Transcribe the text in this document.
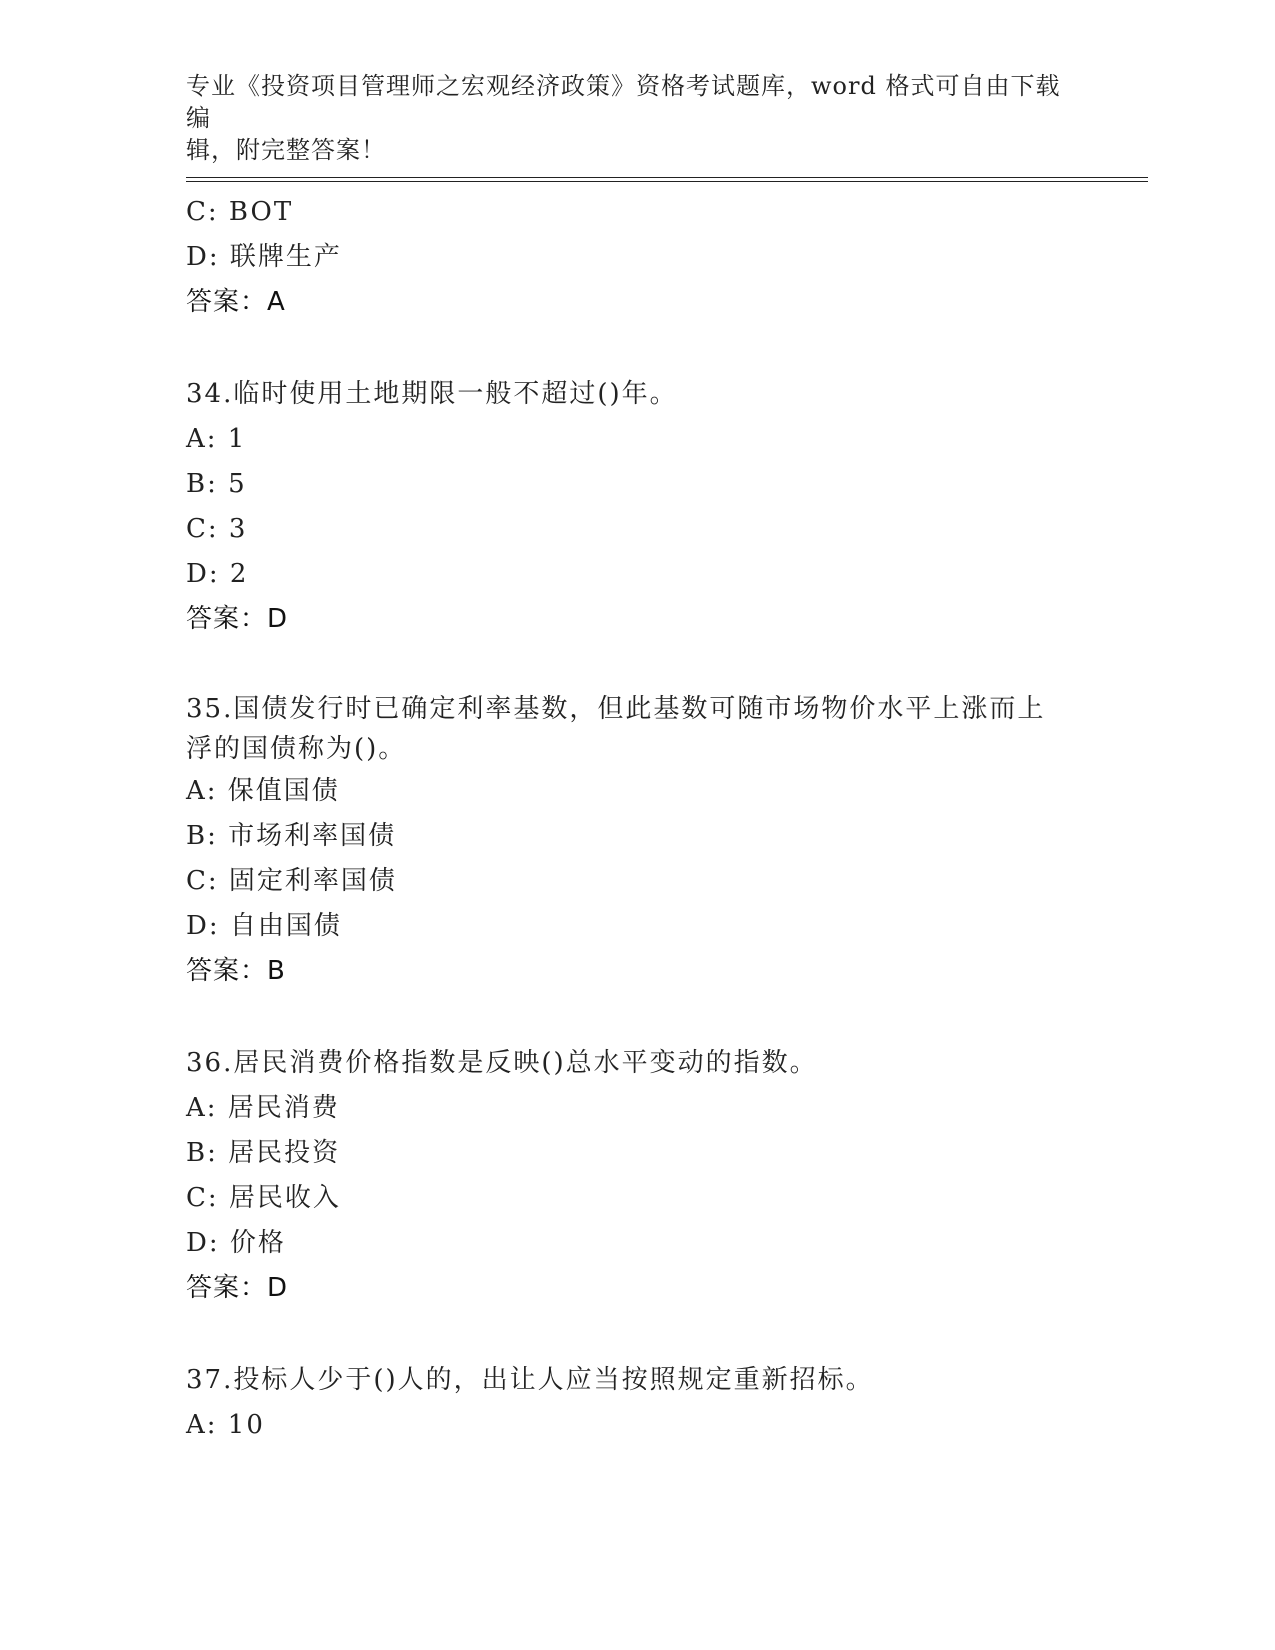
专业《投资项目管理师之宏观经济政策》资格考试题库，word 格式可自由下载编
辑，附完整答案！
C: BOT
D: 联牌生产
答案：A
34.临时使用土地期限一般不超过()年。
A: 1
B: 5
C: 3
D: 2
答案：D
35.国债发行时已确定利率基数，但此基数可随市场物价水平上涨而上
浮的国债称为()。
A: 保值国债
B: 市场利率国债
C: 固定利率国债
D: 自由国债
答案：B
36.居民消费价格指数是反映()总水平变动的指数。
A: 居民消费
B: 居民投资
C: 居民收入
D: 价格
答案：D
37.投标人少于()人的，出让人应当按照规定重新招标。
A: 10
